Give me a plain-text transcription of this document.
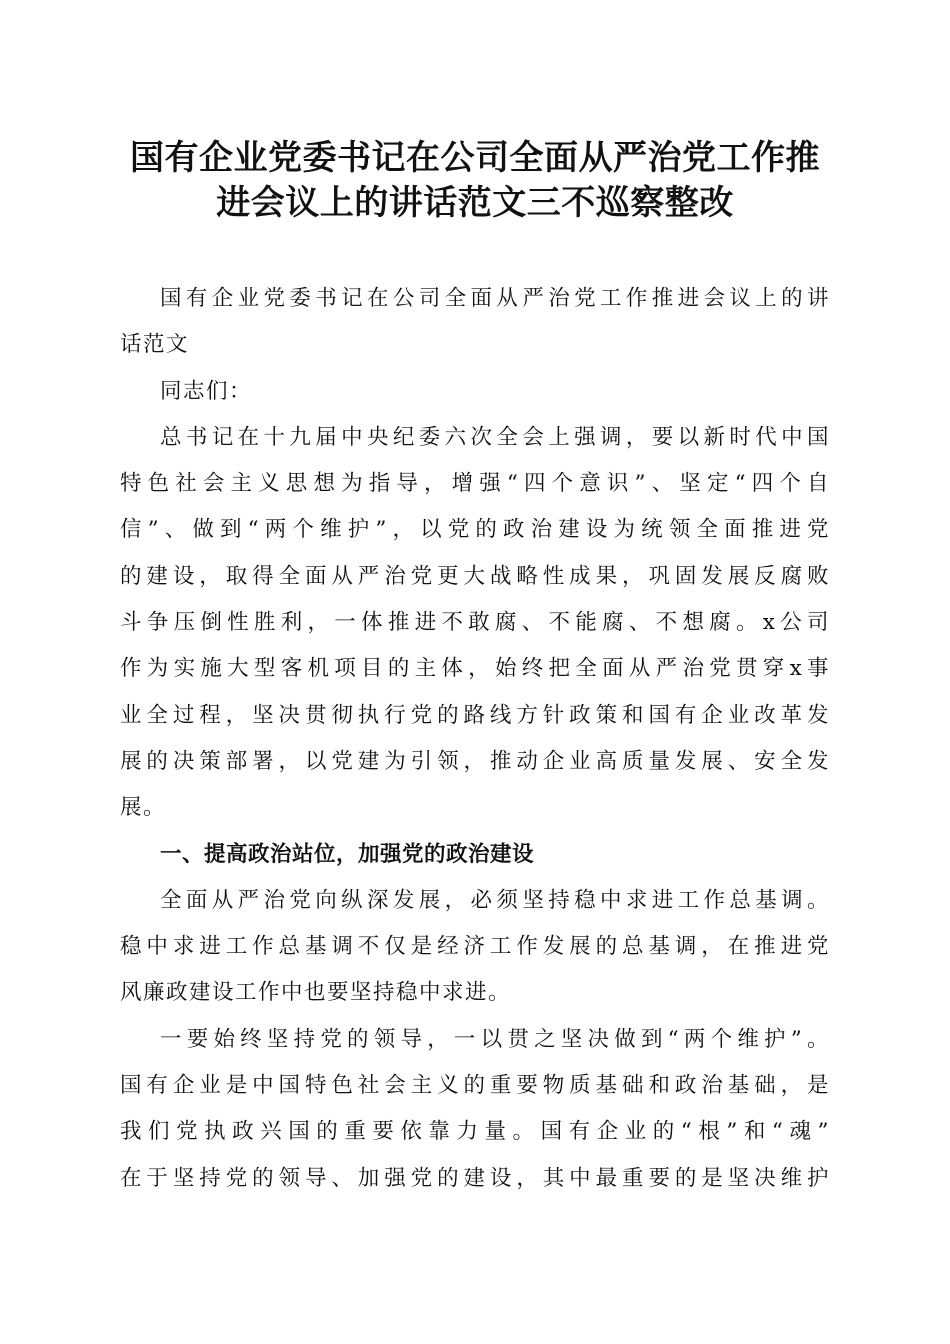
国有企业党委书记在公司全面从严治党工作推
进会议上的讲话范文三不巡察整改
国有企业党委书记在公司全面从严治党工作推进会议上的讲
话范文
同志们：
总书记在十九届中央纪委六次全会上强调，要以新时代中国
特色社会主义思想为指导，增强“四个意识”、坚定“四个自
信”、做到“两个维护”，以党的政治建设为统领全面推进党
的建设，取得全面从严治党更大战略性成果，巩固发展反腐败
斗争压倒性胜利，一体推进不敢腐、不能腐、不想腐。x公司
作为实施大型客机项目的主体，始终把全面从严治党贯穿x事
业全过程，坚决贯彻执行党的路线方针政策和国有企业改革发
展的决策部署，以党建为引领，推动企业高质量发展、安全发
展。
一、提高政治站位，加强党的政治建设
全面从严治党向纵深发展，必须坚持稳中求进工作总基调。
稳中求进工作总基调不仅是经济工作发展的总基调，在推进党
风廉政建设工作中也要坚持稳中求进。
一要始终坚持党的领导，一以贯之坚决做到“两个维护”。
国有企业是中国特色社会主义的重要物质基础和政治基础，是
我们党执政兴国的重要依靠力量。国有企业的“根”和“魂”
在于坚持党的领导、加强党的建设，其中最重要的是坚决维护
